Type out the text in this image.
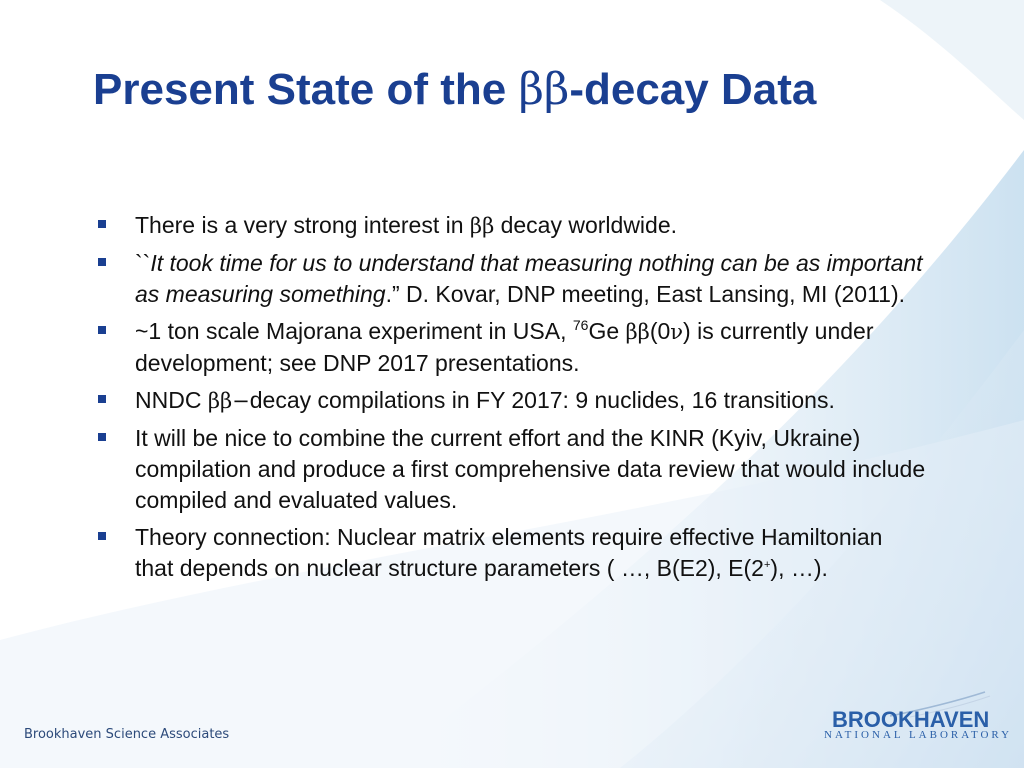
Present State of the ββ-decay Data
There is a very strong interest in ββ decay worldwide.
``It took time for us to understand that measuring nothing can be as important as measuring something.” D. Kovar, DNP meeting, East Lansing, MI (2011).
~1 ton scale Majorana experiment in USA, $^{76}$Ge ββ(0ν) is currently under development; see DNP 2017 presentations.
NNDC ββ−decay compilations in FY 2017: 9 nuclides, 16 transitions.
It will be nice to combine the current effort and the KINR (Kyiv, Ukraine) compilation and produce a first comprehensive data review that would include compiled and evaluated values.
Theory connection: Nuclear matrix elements require effective Hamiltonian that depends on nuclear structure parameters ( …, B(E2), E(2+), …).
Brookhaven Science Associates
BROOKHAVEN
NATIONAL LABORATORY
